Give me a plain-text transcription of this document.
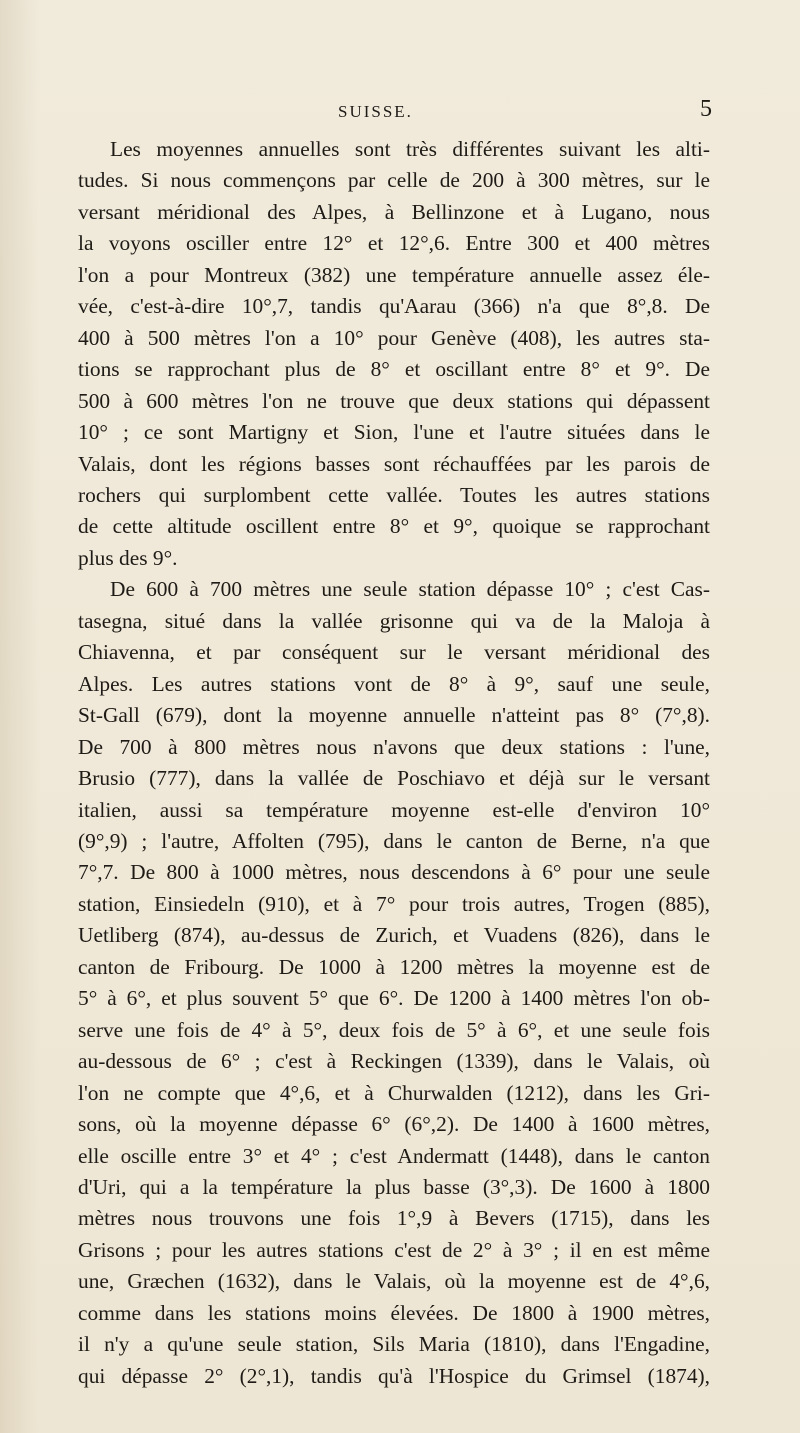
SUISSE.	5

Les moyennes annuelles sont très différentes suivant les alti-
tudes. Si nous commençons par celle de 200 à 300 mètres, sur le
versant méridional des Alpes, à Bellinzone et à Lugano, nous
la voyons osciller entre 12° et 12°,6. Entre 300 et 400 mètres
l'on a pour Montreux (382) une température annuelle assez éle-
vée, c'est-à-dire 10°,7, tandis qu'Aarau (366) n'a que 8°,8. De
400 à 500 mètres l'on a 10° pour Genève (408), les autres sta-
tions se rapprochant plus de 8° et oscillant entre 8° et 9°. De
500 à 600 mètres l'on ne trouve que deux stations qui dépassent
10° ; ce sont Martigny et Sion, l'une et l'autre situées dans le
Valais, dont les régions basses sont réchauffées par les parois de
rochers qui surplombent cette vallée. Toutes les autres stations
de cette altitude oscillent entre 8° et 9°, quoique se rapprochant
plus des 9°.

De 600 à 700 mètres une seule station dépasse 10° ; c'est Cas-
tasegna, situé dans la vallée grisonne qui va de la Maloja à
Chiavenna, et par conséquent sur le versant méridional des
Alpes. Les autres stations vont de 8° à 9°, sauf une seule,
St-Gall (679), dont la moyenne annuelle n'atteint pas 8° (7°,8).
De 700 à 800 mètres nous n'avons que deux stations : l'une,
Brusio (777), dans la vallée de Poschiavo et déjà sur le versant
italien, aussi sa température moyenne est-elle d'environ 10°
(9°,9) ; l'autre, Affolten (795), dans le canton de Berne, n'a que
7°,7. De 800 à 1000 mètres, nous descendons à 6° pour une seule
station, Einsiedeln (910), et à 7° pour trois autres, Trogen (885),
Uetliberg (874), au-dessus de Zurich, et Vuadens (826), dans le
canton de Fribourg. De 1000 à 1200 mètres la moyenne est de
5° à 6°, et plus souvent 5° que 6°. De 1200 à 1400 mètres l'on ob-
serve une fois de 4° à 5°, deux fois de 5° à 6°, et une seule fois
au-dessous de 6° ; c'est à Reckingen (1339), dans le Valais, où
l'on ne compte que 4°,6, et à Churwalden (1212), dans les Gri-
sons, où la moyenne dépasse 6° (6°,2). De 1400 à 1600 mètres,
elle oscille entre 3° et 4° ; c'est Andermatt (1448), dans le canton
d'Uri, qui a la température la plus basse (3°,3). De 1600 à 1800
mètres nous trouvons une fois 1°,9 à Bevers (1715), dans les
Grisons ; pour les autres stations c'est de 2° à 3° ; il en est même
une, Græchen (1632), dans le Valais, où la moyenne est de 4°,6,
comme dans les stations moins élevées. De 1800 à 1900 mètres,
il n'y a qu'une seule station, Sils Maria (1810), dans l'Engadine,
qui dépasse 2° (2°,1), tandis qu'à l'Hospice du Grimsel (1874),
